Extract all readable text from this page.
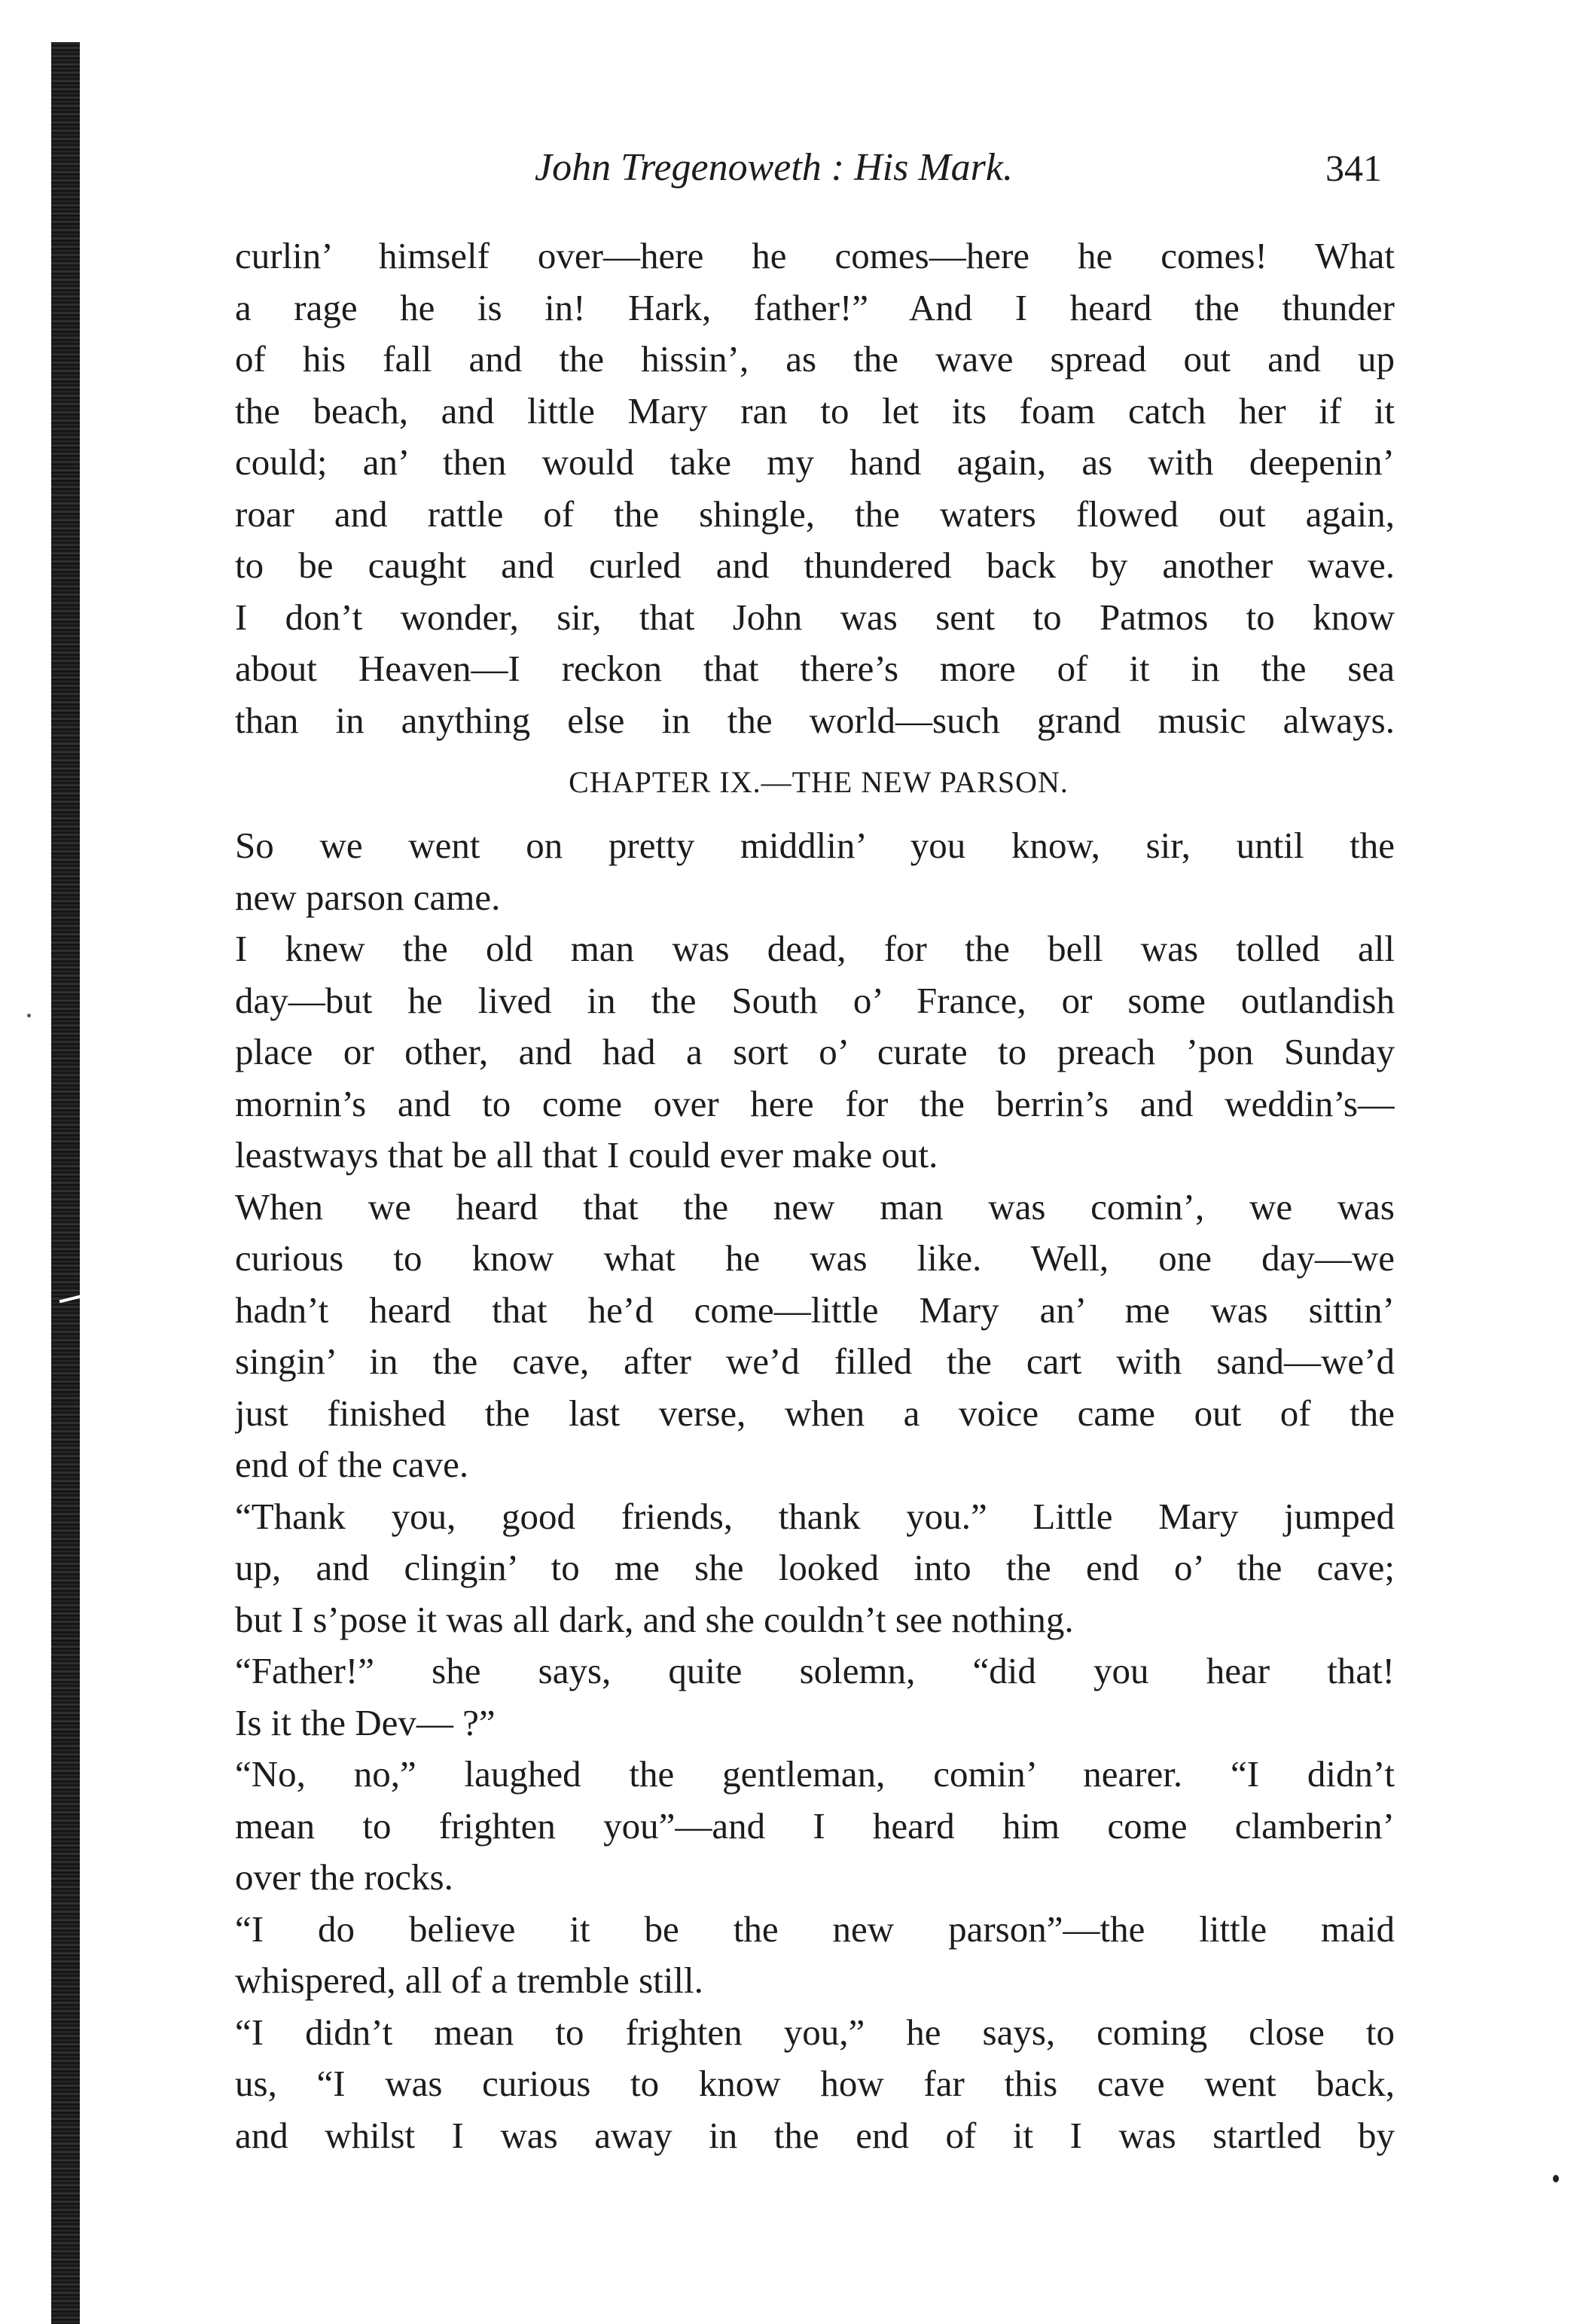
John Tregenoweth : His Mark.	341
curlin’ himself over—here he comes—here he comes! What
a rage he is in! Hark, father!” And I heard the thunder
of his fall and the hissin’, as the wave spread out and up
the beach, and little Mary ran to let its foam catch her if it
could; an’ then would take my hand again, as with deepenin’
roar and rattle of the shingle, the waters flowed out again,
to be caught and curled and thundered back by another wave.
I don’t wonder, sir, that John was sent to Patmos to know
about Heaven—I reckon that there’s more of it in the sea
than in anything else in the world—such grand music always.
CHAPTER IX.—THE NEW PARSON.
So we went on pretty middlin’ you know, sir, until the
new parson came.
I knew the old man was dead, for the bell was tolled all
day—but he lived in the South o’ France, or some outlandish
place or other, and had a sort o’ curate to preach ’pon Sunday
mornin’s and to come over here for the berrin’s and weddin’s—
leastways that be all that I could ever make out.
When we heard that the new man was comin’, we was
curious to know what he was like. Well, one day—we
hadn’t heard that he’d come—little Mary an’ me was sittin’
singin’ in the cave, after we’d filled the cart with sand—we’d
just finished the last verse, when a voice came out of the
end of the cave.
“Thank you, good friends, thank you.” Little Mary jumped
up, and clingin’ to me she looked into the end o’ the cave;
but I s’pose it was all dark, and she couldn’t see nothing.
“Father!” she says, quite solemn, “did you hear that!
Is it the Dev— ?”
“No, no,” laughed the gentleman, comin’ nearer. “I didn’t
mean to frighten you”—and I heard him come clamberin’
over the rocks.
“I do believe it be the new parson”—the little maid
whispered, all of a tremble still.
“I didn’t mean to frighten you,” he says, coming close to
us, “I was curious to know how far this cave went back,
and whilst I was away in the end of it I was startled by
